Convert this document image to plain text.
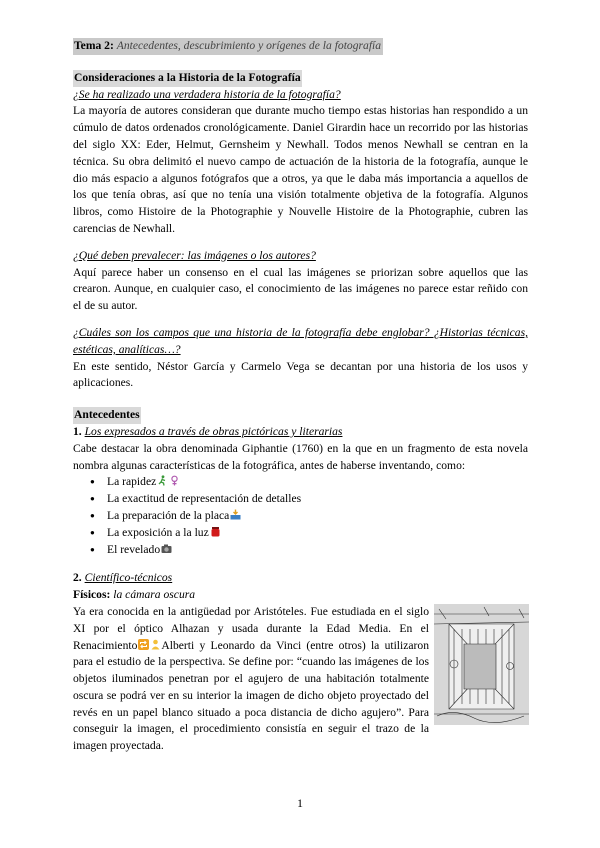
Tema 2: Antecedentes, descubrimiento y orígenes de la fotografía
Consideraciones a la Historia de la Fotografía
¿Se ha realizado una verdadera historia de la fotografía?

La mayoría de autores consideran que durante mucho tiempo estas historias han respondido a un cúmulo de datos ordenados cronológicamente. Daniel Girardin hace un recorrido por las historias del siglo XX: Eder, Helmut, Gernsheim y Newhall. Todos menos Newhall se centran en la técnica. Su obra delimitó el nuevo campo de actuación de la historia de la fotografía, aunque le dio más espacio a algunos fotógrafos que a otros, ya que le daba más importancia a aquellos de los que tenía obras, así que no tenía una visión totalmente objetiva de la fotografía. Algunos libros, como Histoire de la Photographie y Nouvelle Histoire de la Photographie, cubren las carencias de Newhall.

¿Qué deben prevalecer: las imágenes o los autores?

Aquí parece haber un consenso en el cual las imágenes se priorizan sobre aquellos que las crearon. Aunque, en cualquier caso, el conocimiento de las imágenes no parece estar reñido con el de su autor.

¿Cuáles son los campos que una historia de la fotografía debe englobar? ¿Historias técnicas, estéticas, analíticas…?

En este sentido, Néstor García y Carmelo Vega se decantan por una historia de los usos y aplicaciones.

Antecedentes
1. Los expresados a través de obras pictóricas y literarias

Cabe destacar la obra denominada Giphantie (1760) en la que en un fragmento de esta novela nombra algunas características de la fotográfica, antes de haberse inventando, como:

● La rapidez
● La exactitud de representación de detalles
● La preparación de la placa
● La exposición a la luz
● El revelado
2. Científico-técnicos
Físicos: la cámara oscura

Ya era conocida en la antigüedad por Aristóteles. Fue estudiada en el siglo XI por el óptico Alhazan y usada durante la Edad Media. En el Renacimiento Alberti y Leonardo da Vinci (entre otros) la utilizaron para el estudio de la perspectiva. Se define por: “cuando las imágenes de los objetos iluminados penetran por el agujero de una habitación totalmente oscura se podrá ver en su interior la imagen de dicho objeto proyectado del revés en un papel blanco situado a poca distancia de dicho agujero”. Para conseguir la imagen, el procedimiento consistía en seguir el trazo de la imagen proyectada.

1
